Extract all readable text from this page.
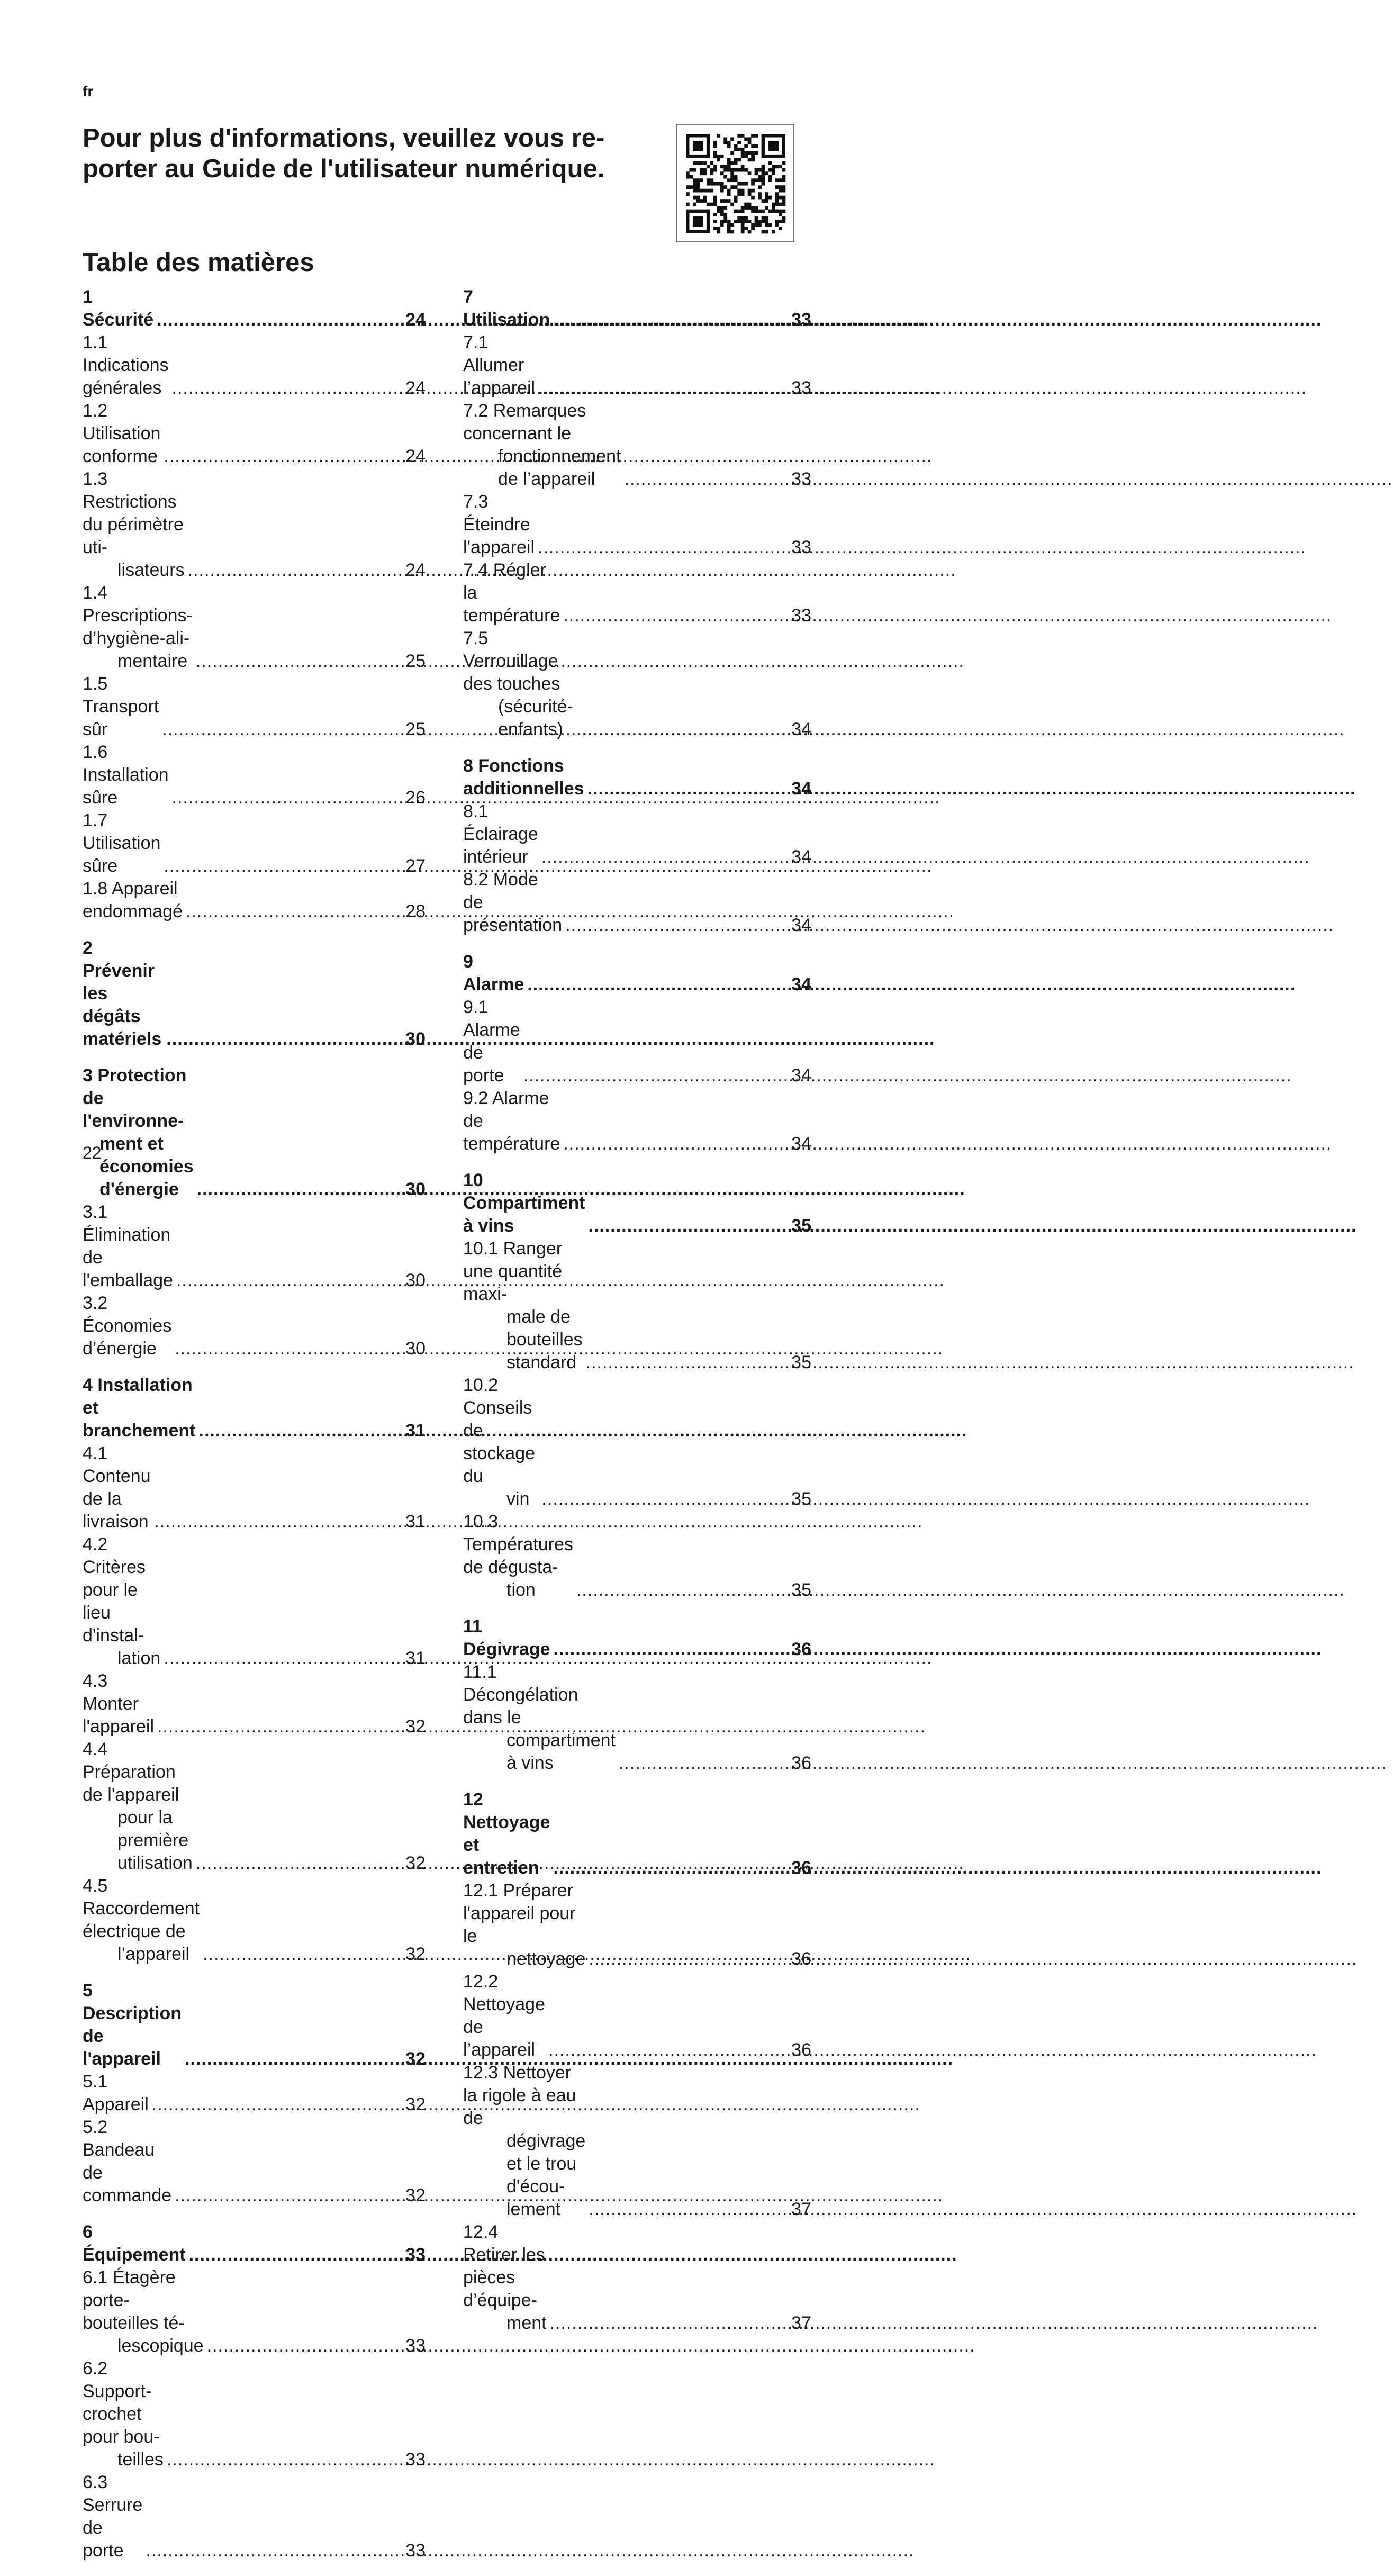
fr
Pour plus d'informations, veuillez vous re-
porter au Guide de l'utilisateur numérique.
Table des matières
1 Sécurité .....	24
1.1 Indications générales .....	24
1.2 Utilisation conforme .....	24
1.3 Restrictions du périmètre uti-
lisateurs .....	24
1.4 Prescriptions-d’hygiène-ali-
mentaire .....	25
1.5 Transport sûr .....	25
1.6 Installation sûre .....	26
1.7 Utilisation sûre .....	27
1.8 Appareil endommagé .....	28
2 Prévenir les dégâts matériels .....	30
3 Protection de l'environne-
ment et économies d'énergie .....	30
3.1 Élimination de l'emballage .....	30
3.2 Économies d’énergie .....	30
4 Installation et branchement .....	31
4.1 Contenu de la livraison .....	31
4.2 Critères pour le lieu d'instal-
lation .....	31
4.3 Monter l'appareil .....	32
4.4 Préparation de l'appareil
pour la première utilisation .....	32
4.5 Raccordement électrique de
l’appareil .....	32
5 Description de l'appareil .....	32
5.1 Appareil .....	32
5.2 Bandeau de commande .....	32
6 Équipement .....	33
6.1 Étagère porte-bouteilles té-
lescopique .....	33
6.2 Support-crochet pour bou-
teilles .....	33
6.3 Serrure de porte .....	33
7 Utilisation .....	33
7.1 Allumer l’appareil .....	33
7.2 Remarques concernant le
fonctionnement de l’appareil .....	33
7.3 Éteindre l'appareil .....	33
7.4 Régler la température .....	33
7.5 Verrouillage des touches
(sécurité-enfants) .....	34
8 Fonctions additionnelles .....	34
8.1 Éclairage intérieur .....	34
8.2 Mode de présentation .....	34
9 Alarme .....	34
9.1 Alarme de porte .....	34
9.2 Alarme de température .....	34
10 Compartiment à vins .....	35
10.1 Ranger une quantité maxi-
male de bouteilles standard .....	35
10.2 Conseils de stockage du
vin .....	35
10.3 Températures de dégusta-
tion .....	35
11 Dégivrage .....	36
11.1 Décongélation dans le
compartiment à vins .....	36
12 Nettoyage et entretien .....	36
12.1 Préparer l'appareil pour le
nettoyage .....	36
12.2 Nettoyage de l’appareil .....	36
12.3 Nettoyer la rigole à eau de
dégivrage et le trou d'écou-
lement .....	37
12.4 Retirer les pièces d’équipe-
ment .....	37
22
